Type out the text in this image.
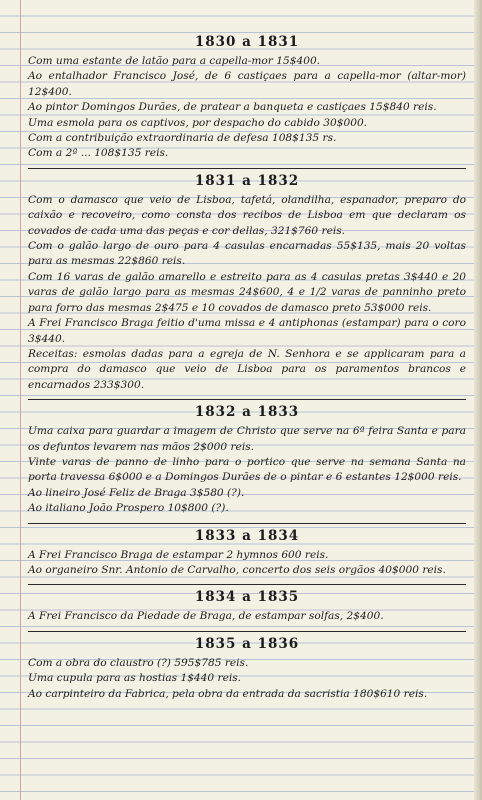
1830 a 1831

Com uma estante de latão para a capella-mor 15$400.

Ao entalhador Francisco José, de 6 castiçaes para a capella-mor (altar-mor) 12$400.

Ao pintor Domingos Durães, de pratear a banqueta e castiçaes 15$840 reis.

Uma esmola para os captivos, por despacho do cabido 30$000.

Com a contribuição extraordinaria de defesa 108$135 rs.

Com a 2ª ... 108$135 reis.

1831 a 1832

Com o damasco que veio de Lisboa, tafetá, olandilha, espanador, preparo do caixão e recoveiro, como consta dos recibos de Lisboa em que declaram os covados de cada uma das peças e cor dellas, 321$760 reis.

Com o galão largo de ouro para 4 casulas encarnadas 55$135, mais 20 voltas para as mesmas 22$860 reis.

Com 16 varas de galão amarello e estreito para as 4 casulas pretas 3$440 e 20 varas de galão largo para as mesmas 24$600, 4 e 1/2 varas de panninho preto para forro das mesmas 2$475 e 10 covados de damasco preto 53$000 reis.

A Frei Francisco Braga feitio d'uma missa e 4 antiphonas (estampar) para o coro 3$440.

Receitas: esmolas dadas para a egreja de N. Senhora e se applicaram para a compra do damasco que veio de Lisboa para os paramentos brancos e encarnados 233$300.

1832 a 1833

Uma caixa para guardar a imagem de Christo que serve na 6ª feira Santa e para os defuntos levarem nas mãos 2$000 reis.

Vinte varas de panno de linho para o portico que serve na semana Santa na porta travessa 6$000 e a Domingos Durães de o pintar e 6 estantes 12$000 reis.

Ao lineiro José Feliz de Braga 3$580 (?).

Ao italiano João Prospero 10$800 (?).

1833 a 1834

A Frei Francisco Braga de estampar 2 hymnos 600 reis.

Ao organeiro Snr. Antonio de Carvalho, concerto dos seis orgãos 40$000 reis.

1834 a 1835

A Frei Francisco da Piedade de Braga, de estampar solfas, 2$400.

1835 a 1836

Com a obra do claustro (?) 595$785 reis.

Uma cupula para as hostias 1$440 reis.

Ao carpinteiro da Fabrica, pela obra da entrada da sacristia 180$610 reis.
